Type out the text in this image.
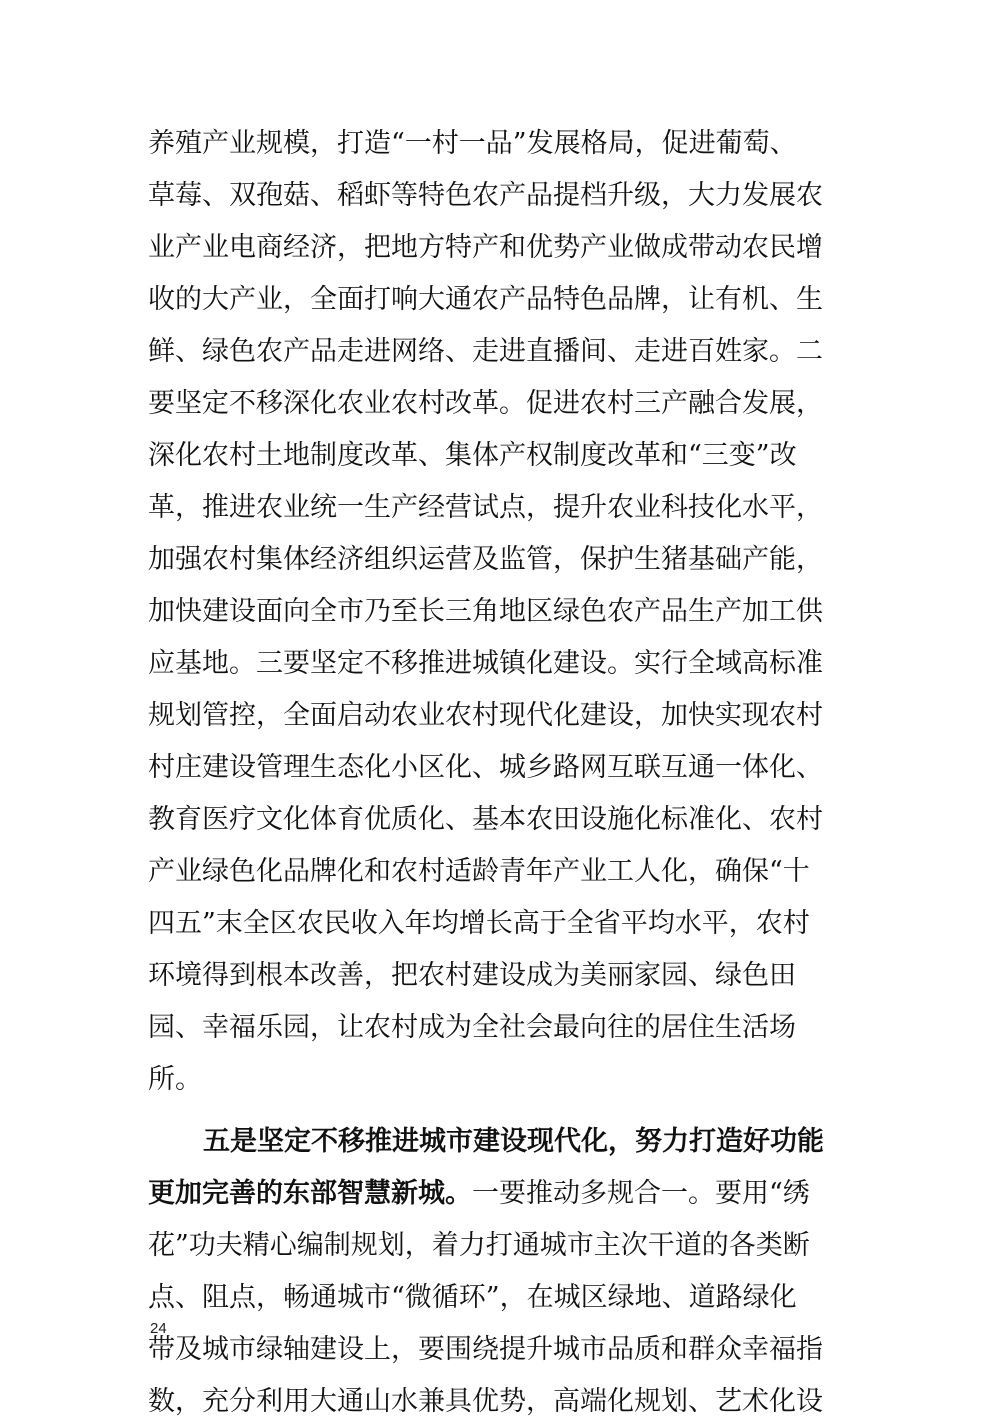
养殖产业规模，打造“一村一品”发展格局，促进葡萄、
草莓、双孢菇、稻虾等特色农产品提档升级，大力发展农
业产业电商经济，把地方特产和优势产业做成带动农民增
收的大产业，全面打响大通农产品特色品牌，让有机、生
鲜、绿色农产品走进网络、走进直播间、走进百姓家。二
要坚定不移深化农业农村改革。促进农村三产融合发展，
深化农村土地制度改革、集体产权制度改革和“三变”改
革，推进农业统一生产经营试点，提升农业科技化水平，
加强农村集体经济组织运营及监管，保护生猪基础产能，
加快建设面向全市乃至长三角地区绿色农产品生产加工供
应基地。三要坚定不移推进城镇化建设。实行全域高标准
规划管控，全面启动农业农村现代化建设，加快实现农村
村庄建设管理生态化小区化、城乡路网互联互通一体化、
教育医疗文化体育优质化、基本农田设施化标准化、农村
产业绿色化品牌化和农村适龄青年产业工人化，确保“十
四五”末全区农民收入年均增长高于全省平均水平，农村
环境得到根本改善，把农村建设成为美丽家园、绿色田
园、幸福乐园，让农村成为全社会最向往的居住生活场
所。
五是坚定不移推进城市建设现代化，努力打造好功能
更加完善的东部智慧新城。一要推动多规合一。要用“绣
花”功夫精心编制规划，着力打通城市主次干道的各类断
点、阻点，畅通城市“微循环”，在城区绿地、道路绿化
带及城市绿轴建设上，要围绕提升城市品质和群众幸福指
数，充分利用大通山水兼具优势，高端化规划、艺术化设
24
